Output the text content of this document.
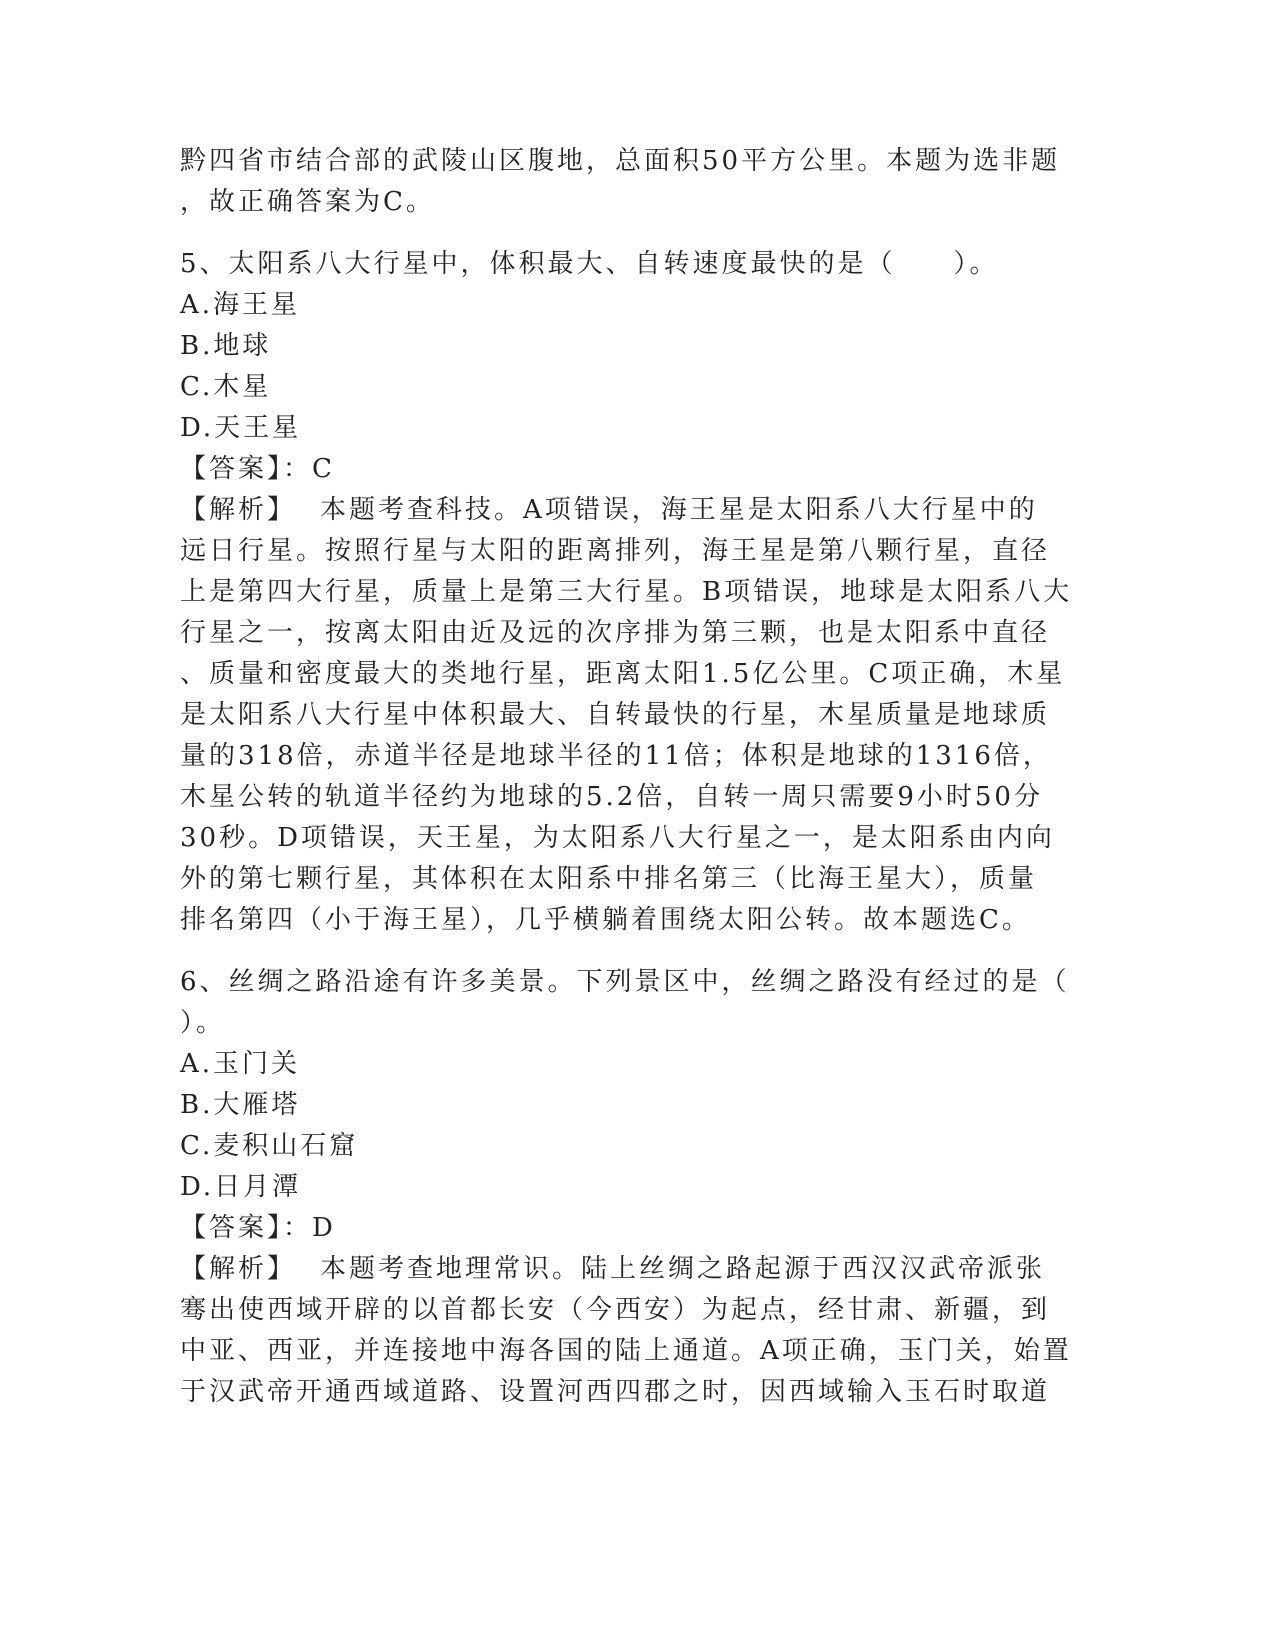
黔四省市结合部的武陵山区腹地，总面积50平方公里。本题为选非题
，故正确答案为C。
5、太阳系八大行星中，体积最大、自转速度最快的是（　　）。
A.海王星
B.地球
C.木星
D.天王星
【答案】：C
【解析】 本题考查科技。A项错误，海王星是太阳系八大行星中的
远日行星。按照行星与太阳的距离排列，海王星是第八颗行星，直径
上是第四大行星，质量上是第三大行星。B项错误，地球是太阳系八大
行星之一，按离太阳由近及远的次序排为第三颗，也是太阳系中直径
、质量和密度最大的类地行星，距离太阳1.5亿公里。C项正确，木星
是太阳系八大行星中体积最大、自转最快的行星，木星质量是地球质
量的318倍，赤道半径是地球半径的11倍；体积是地球的1316倍，
木星公转的轨道半径约为地球的5.2倍，自转一周只需要9小时50分
30秒。D项错误，天王星，为太阳系八大行星之一，是太阳系由内向
外的第七颗行星，其体积在太阳系中排名第三（比海王星大），质量
排名第四（小于海王星），几乎横躺着围绕太阳公转。故本题选C。
6、丝绸之路沿途有许多美景。下列景区中，丝绸之路没有经过的是（
）。
A.玉门关
B.大雁塔
C.麦积山石窟
D.日月潭
【答案】：D
【解析】 本题考查地理常识。陆上丝绸之路起源于西汉汉武帝派张
骞出使西域开辟的以首都长安（今西安）为起点，经甘肃、新疆，到
中亚、西亚，并连接地中海各国的陆上通道。A项正确，玉门关，始置
于汉武帝开通西域道路、设置河西四郡之时，因西域输入玉石时取道
